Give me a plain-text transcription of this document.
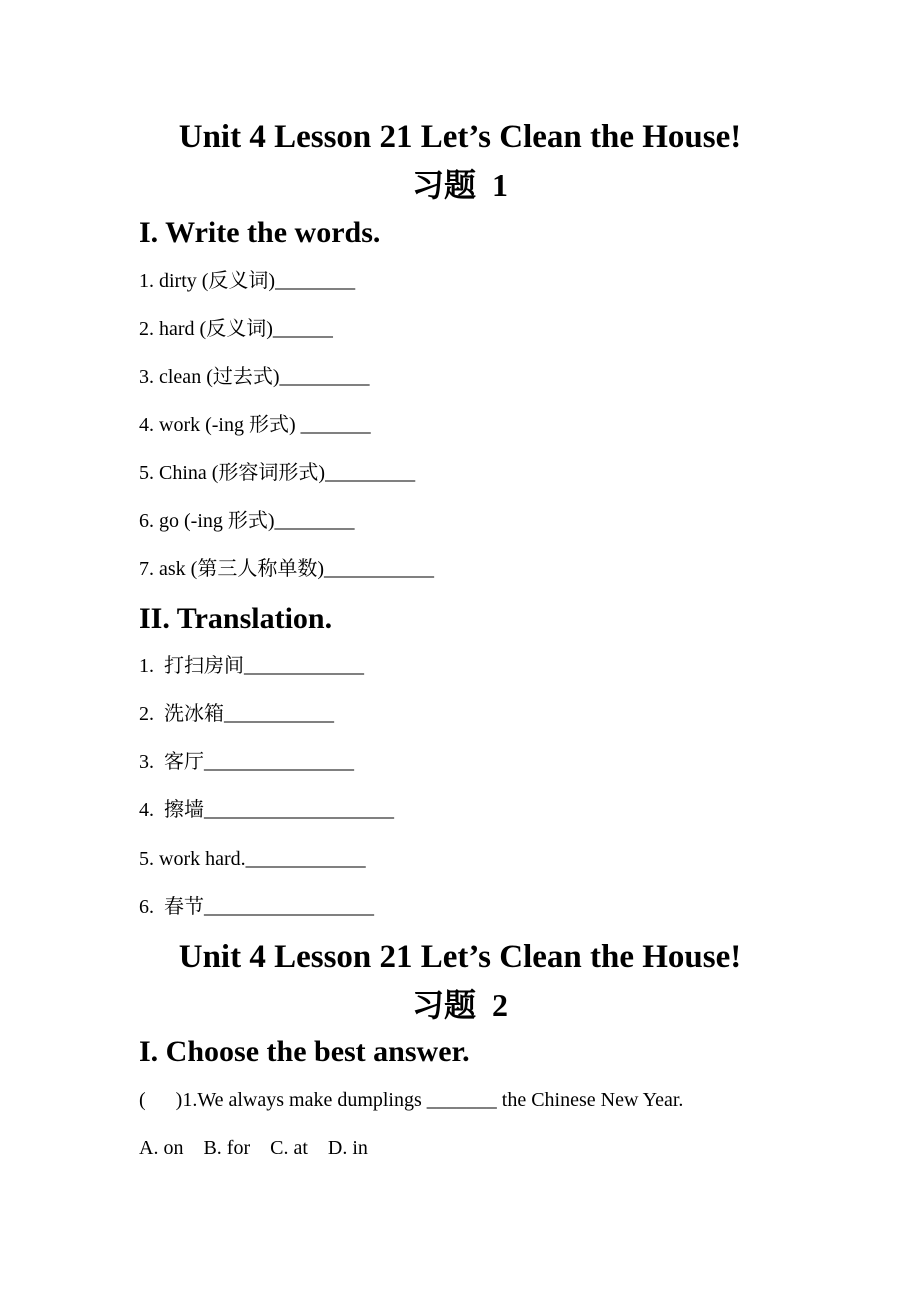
Unit 4 Lesson 21 Let’s Clean the House!
习题  1
I. Write the words.
1. dirty (反义词)________
2. hard (反义词)______
3. clean (过去式)_________
4. work (-ing 形式) _______
5. China (形容词形式)_________
6. go (-ing 形式)________
7. ask (第三人称单数)___________
II. Translation.
1.  打扫房间____________
2.  洗冰箱___________
3.  客厅_______________
4.  擦墙___________________
5. work hard.____________
6.  春节_________________
Unit 4 Lesson 21 Let’s Clean the House!
习题  2
I. Choose the best answer.
(      )1.We always make dumplings _______ the Chinese New Year.
A. on    B. for    C. at    D. in
